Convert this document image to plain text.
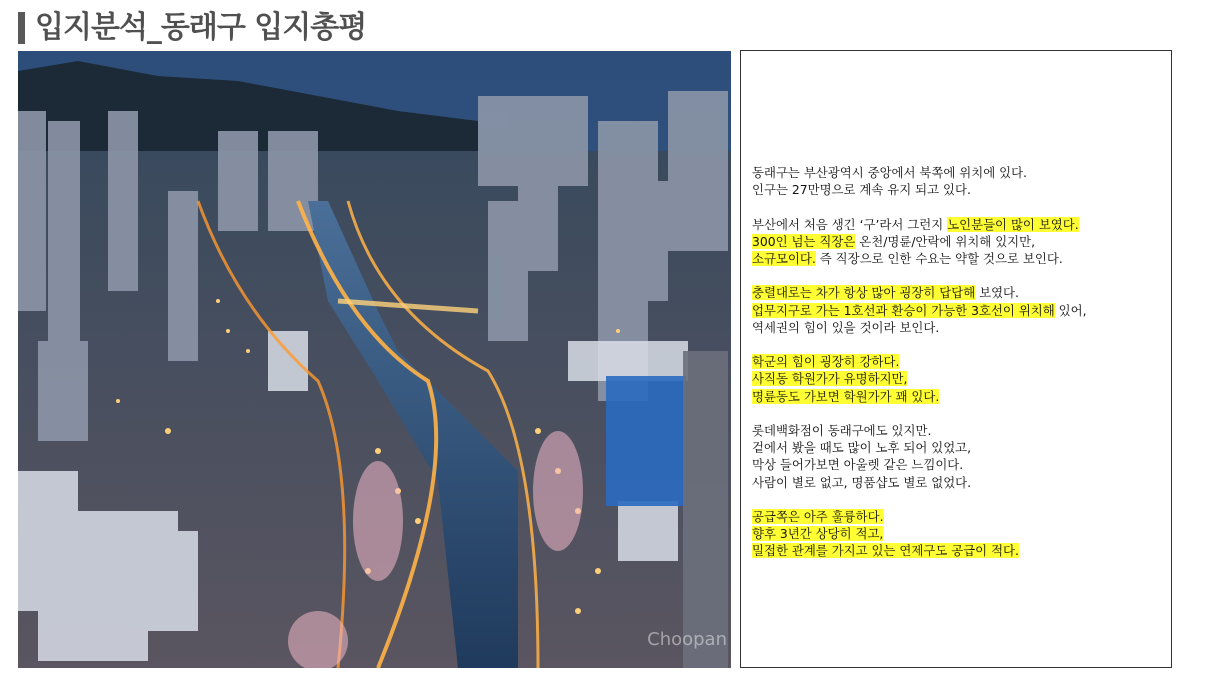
입지분석_동래구 입지총평
Choopan
동래구는 부산광역시 중앙에서 북쪽에 위치에 있다.
인구는 27만명으로 계속 유지 되고 있다.
부산에서 처음 생긴 ‘구’라서 그런지 노인분들이 많이 보였다.
300인 넘는 직장은 온천/명륜/안락에 위치해 있지만,
소규모이다. 즉 직장으로 인한 수요는 약할 것으로 보인다.
충렬대로는 차가 항상 많아 굉장히 답답해 보였다.
업무지구로 가는 1호선과 환승이 가능한 3호선이 위치해 있어,
역세권의 힘이 있을 것이라 보인다.
학군의 힘이 굉장히 강하다.
사직동 학원가가 유명하지만,
명륜동도 가보면 학원가가 꽤 있다.
롯데백화점이 동래구에도 있지만.
겉에서 봤을 때도 많이 노후 되어 있었고,
막상 들어가보면 아울렛 같은 느낌이다.
사람이 별로 없고, 명품샵도 별로 없었다.
공급쪽은 아주 훌륭하다.
향후 3년간 상당히 적고,
밀접한 관계를 가지고 있는 연제구도 공급이 적다.
